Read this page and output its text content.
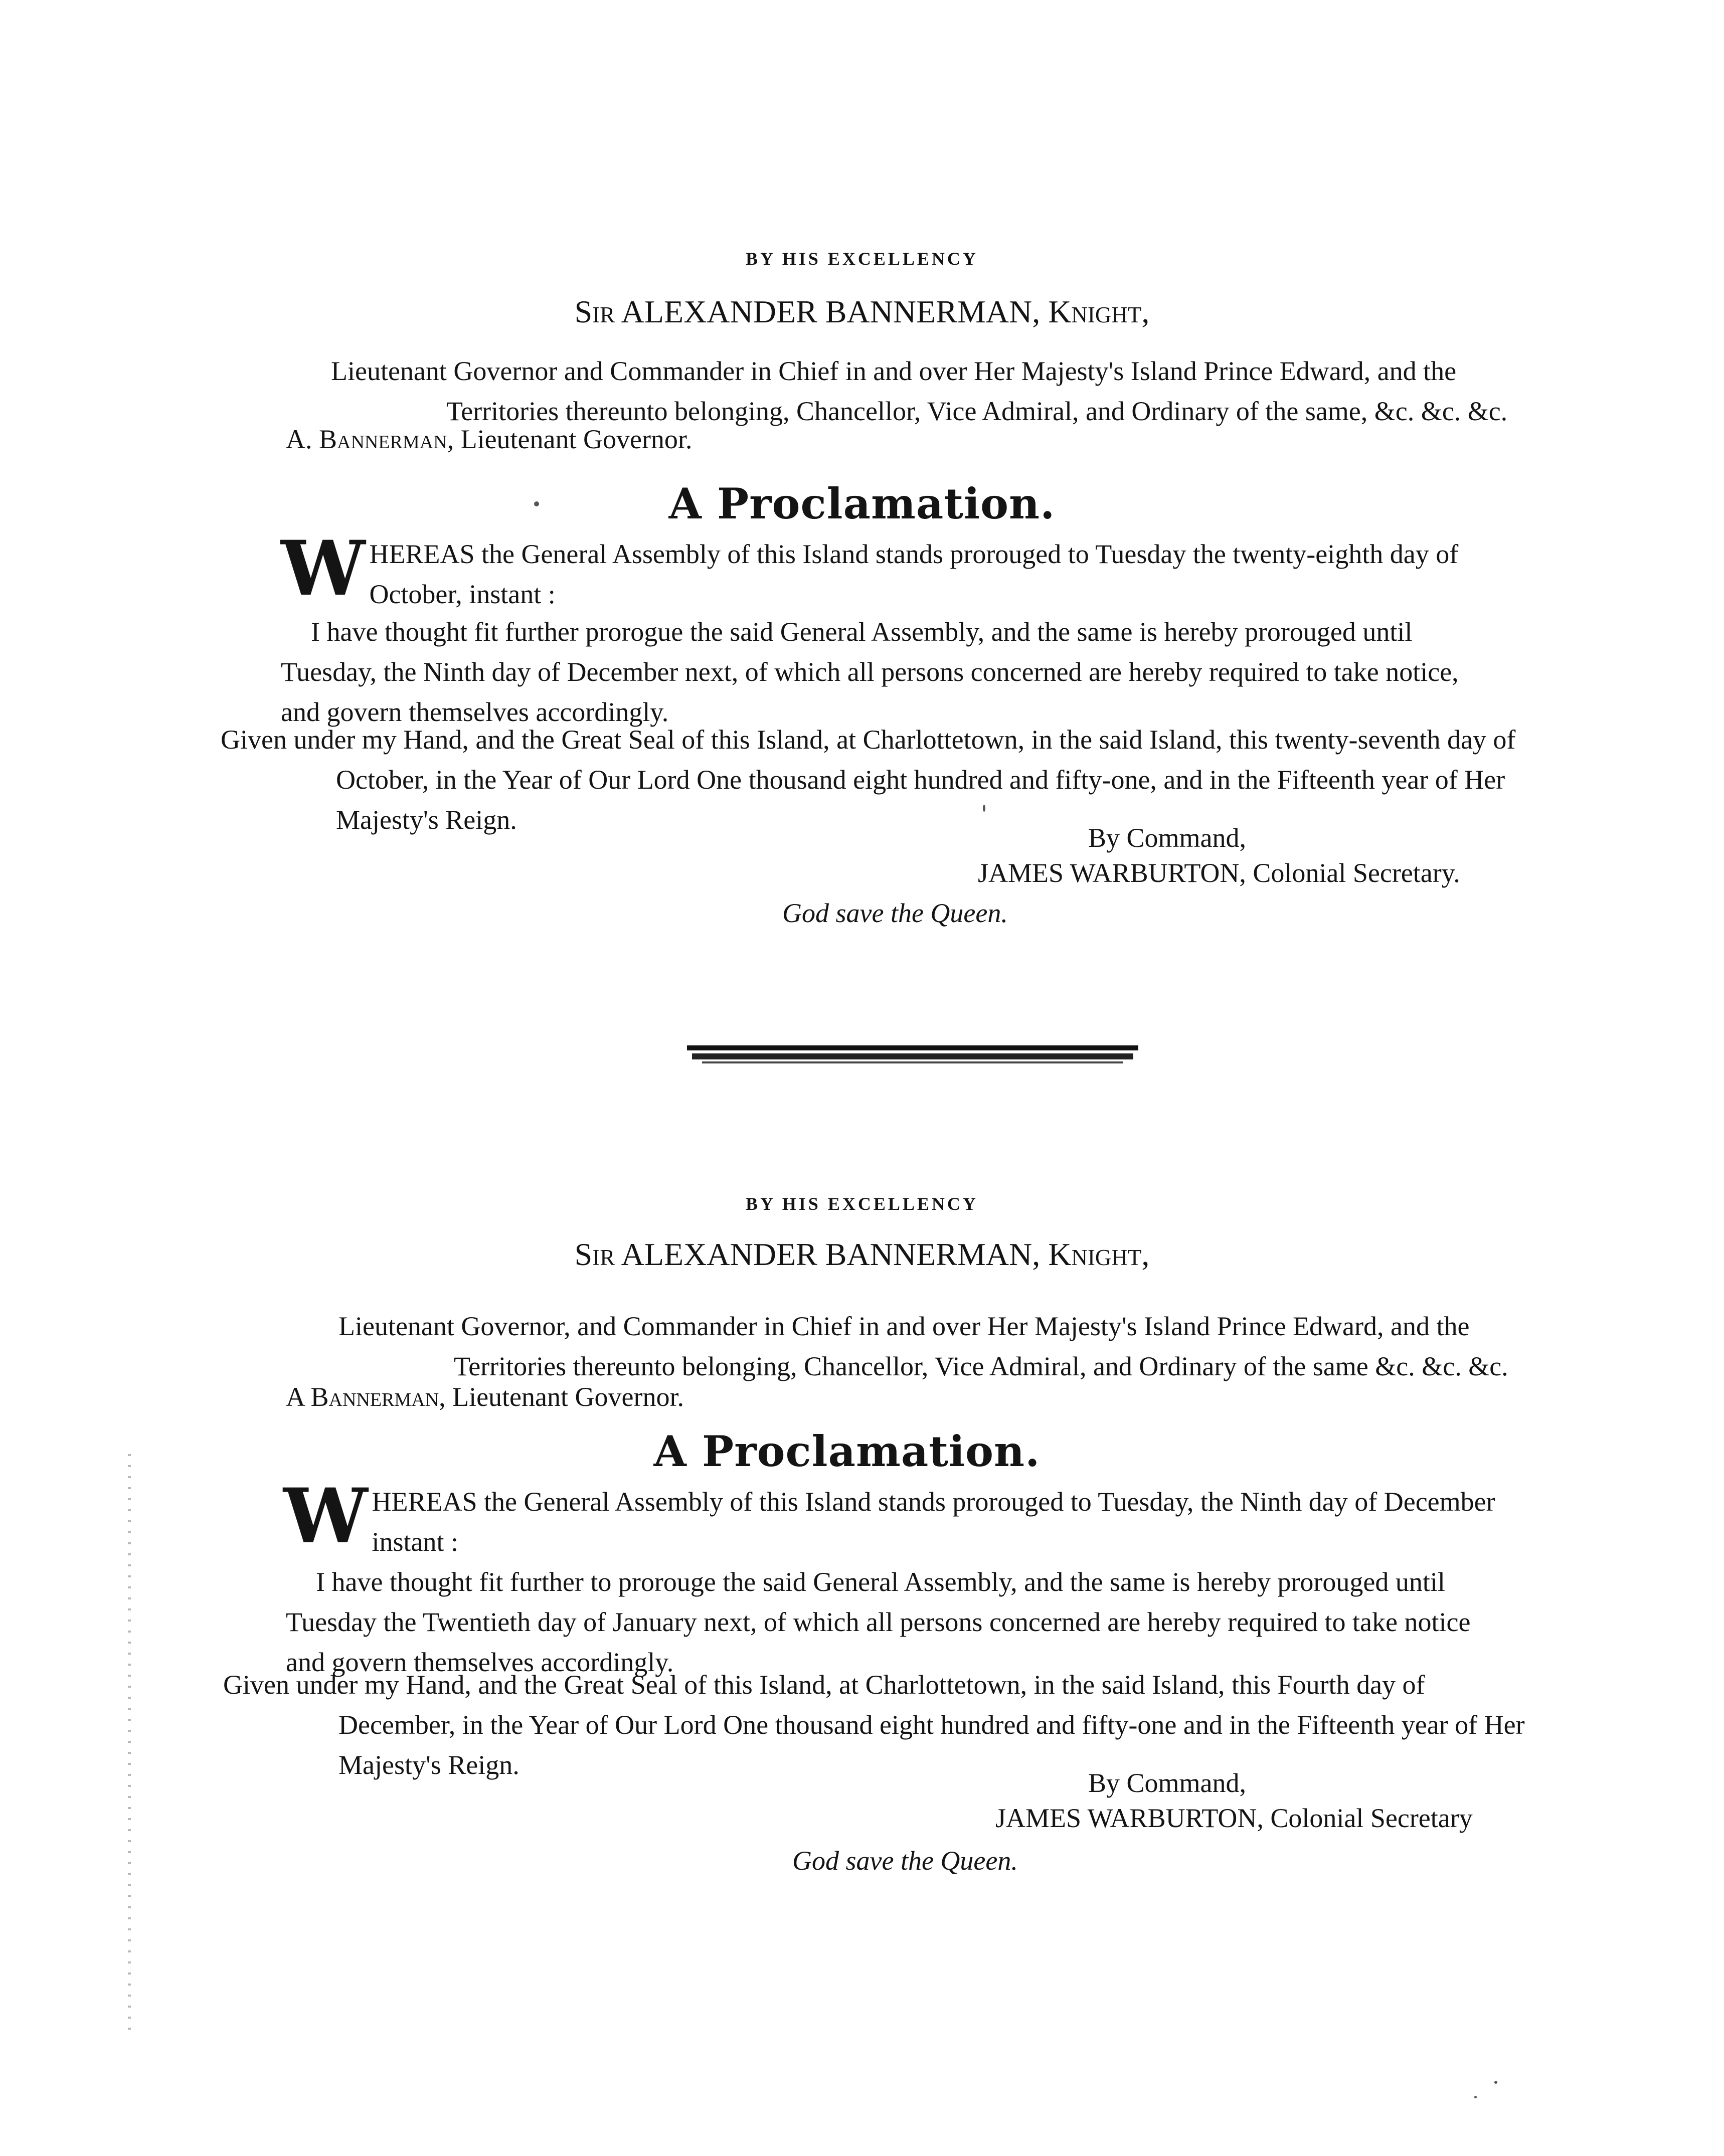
BY HIS EXCELLENCY
Sir ALEXANDER BANNERMAN, Knight,
Lieutenant Governor and Commander in Chief in and over Her Majesty's Island Prince Edward, and the
Territories thereunto belonging, Chancellor, Vice Admiral, and Ordinary of the same, &c. &c. &c.
A. Bannerman, Lieutenant Governor.
A Proclamation.
W HEREAS the General Assembly of this Island stands prorouged to Tuesday the twenty-eighth day of October, instant :
I have thought fit further prorogue the said General Assembly, and the same is hereby prorouged until Tuesday, the Ninth day of December next, of which all persons concerned are hereby required to take notice, and govern themselves accordingly.
Given under my Hand, and the Great Seal of this Island, at Charlottetown, in the said Island, this twenty-seventh day of October, in the Year of Our Lord One thousand eight hundred and fifty-one, and in the Fifteenth year of Her Majesty's Reign.
By Command,
JAMES WARBURTON, Colonial Secretary.
God save the Queen.
BY HIS EXCELLENCY
Sir ALEXANDER BANNERMAN, Knight,
Lieutenant Governor, and Commander in Chief in and over Her Majesty's Island Prince Edward, and the
Territories thereunto belonging, Chancellor, Vice Admiral, and Ordinary of the same &c. &c. &c.
A Bannerman, Lieutenant Governor.
A Proclamation.
W HEREAS the General Assembly of this Island stands prorouged to Tuesday, the Ninth day of December instant :
I have thought fit further to prorouge the said General Assembly, and the same is hereby prorouged until Tuesday the Twentieth day of January next, of which all persons concerned are hereby required to take notice and govern themselves accordingly.
Given under my Hand, and the Great Seal of this Island, at Charlottetown, in the said Island, this Fourth day of December, in the Year of Our Lord One thousand eight hundred and fifty-one and in the Fifteenth year of Her Majesty's Reign.
By Command,
JAMES WARBURTON, Colonial Secretary
God save the Queen.
